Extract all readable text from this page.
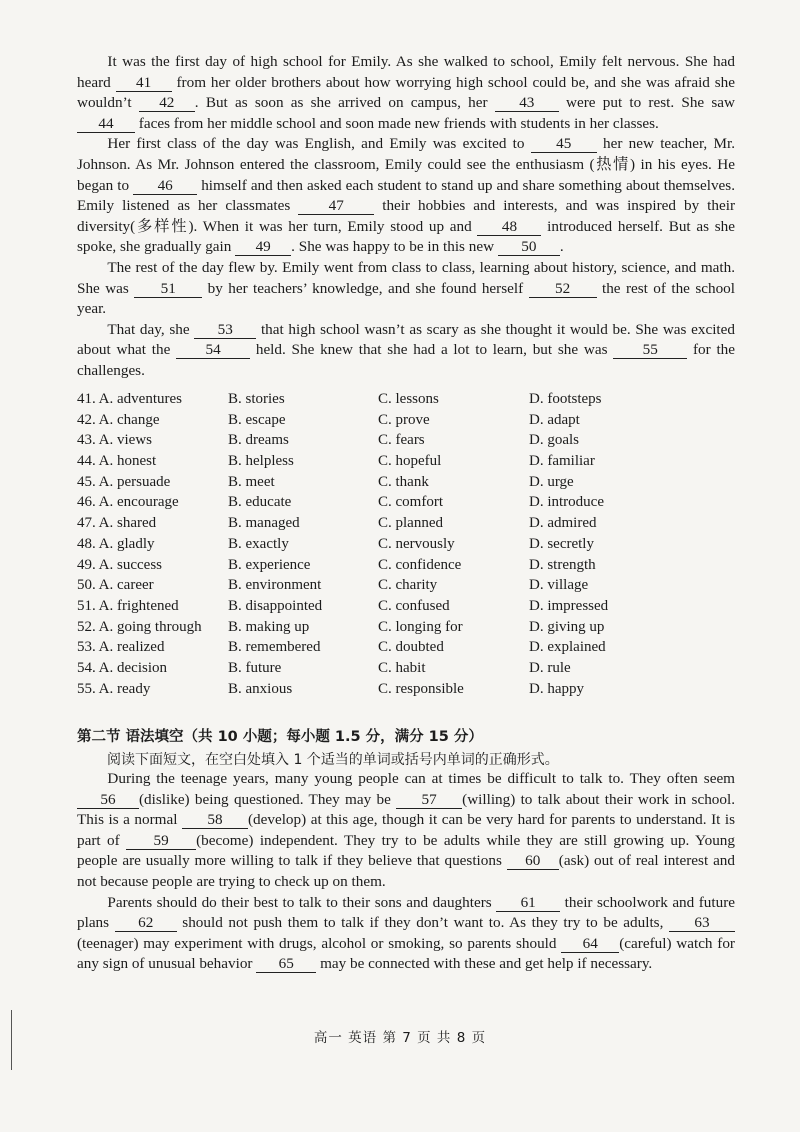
It was the first day of high school for Emily. As she walked to school, Emily felt nervous. She had heard 41 from her older brothers about how worrying high school could be, and she was afraid she wouldn’t 42 . But as soon as she arrived on campus, her 43 were put to rest. She saw 44 faces from her middle school and soon made new friends with students in her classes.

Her first class of the day was English, and Emily was excited to 45 her new teacher, Mr. Johnson. As Mr. Johnson entered the classroom, Emily could see the enthusiasm (热情) in his eyes. He began to 46 himself and then asked each student to stand up and share something about themselves. Emily listened as her classmates 47 their hobbies and interests, and was inspired by their diversity(多样性). When it was her turn, Emily stood up and 48 introduced herself. But as she spoke, she gradually gain 49 . She was happy to be in this new 50 .

The rest of the day flew by. Emily went from class to class, learning about history, science, and math. She was 51 by her teachers’ knowledge, and she found herself 52 the rest of the school year.

That day, she 53 that high school wasn’t as scary as she thought it would be. She was excited about what the 54 held. She knew that she had a lot to learn, but she was 55 for the challenges.

41. A. adventures	B. stories	C. lessons	D. footsteps
42. A. change	B. escape	C. prove	D. adapt
43. A. views	B. dreams	C. fears	D. goals
44. A. honest	B. helpless	C. hopeful	D. familiar
45. A. persuade	B. meet	C. thank	D. urge
46. A. encourage	B. educate	C. comfort	D. introduce
47. A. shared	B. managed	C. planned	D. admired
48. A. gladly	B. exactly	C. nervously	D. secretly
49. A. success	B. experience	C. confidence	D. strength
50. A. career	B. environment	C. charity	D. village
51. A. frightened	B. disappointed	C. confused	D. impressed
52. A. going through	B. making up	C. longing for	D. giving up
53. A. realized	B. remembered	C. doubted	D. explained
54. A. decision	B. future	C. habit	D. rule
55. A. ready	B. anxious	C. responsible	D. happy
第二节 语法填空（共 10 小题；每小题 1.5 分，满分 15 分）
阅读下面短文，在空白处填入 1 个适当的单词或括号内单词的正确形式。

During the teenage years, many young people can at times be difficult to talk to. They often seem 56 (dislike) being questioned. They may be 57 (willing) to talk about their work in school. This is a normal 58 (develop) at this age, though it can be very hard for parents to understand. It is part of 59 (become) independent. They try to be adults while they are still growing up. Young people are usually more willing to talk if they believe that questions 60 (ask) out of real interest and not because people are trying to check up on them.

Parents should do their best to talk to their sons and daughters 61 their schoolwork and future plans 62 should not push them to talk if they don’t want to. As they try to be adults, 63 (teenager) may experiment with drugs, alcohol or smoking, so parents should 64 (careful) watch for any sign of unusual behavior 65 may be connected with these and get help if necessary.

高一 英语 第 7 页 共 8 页
